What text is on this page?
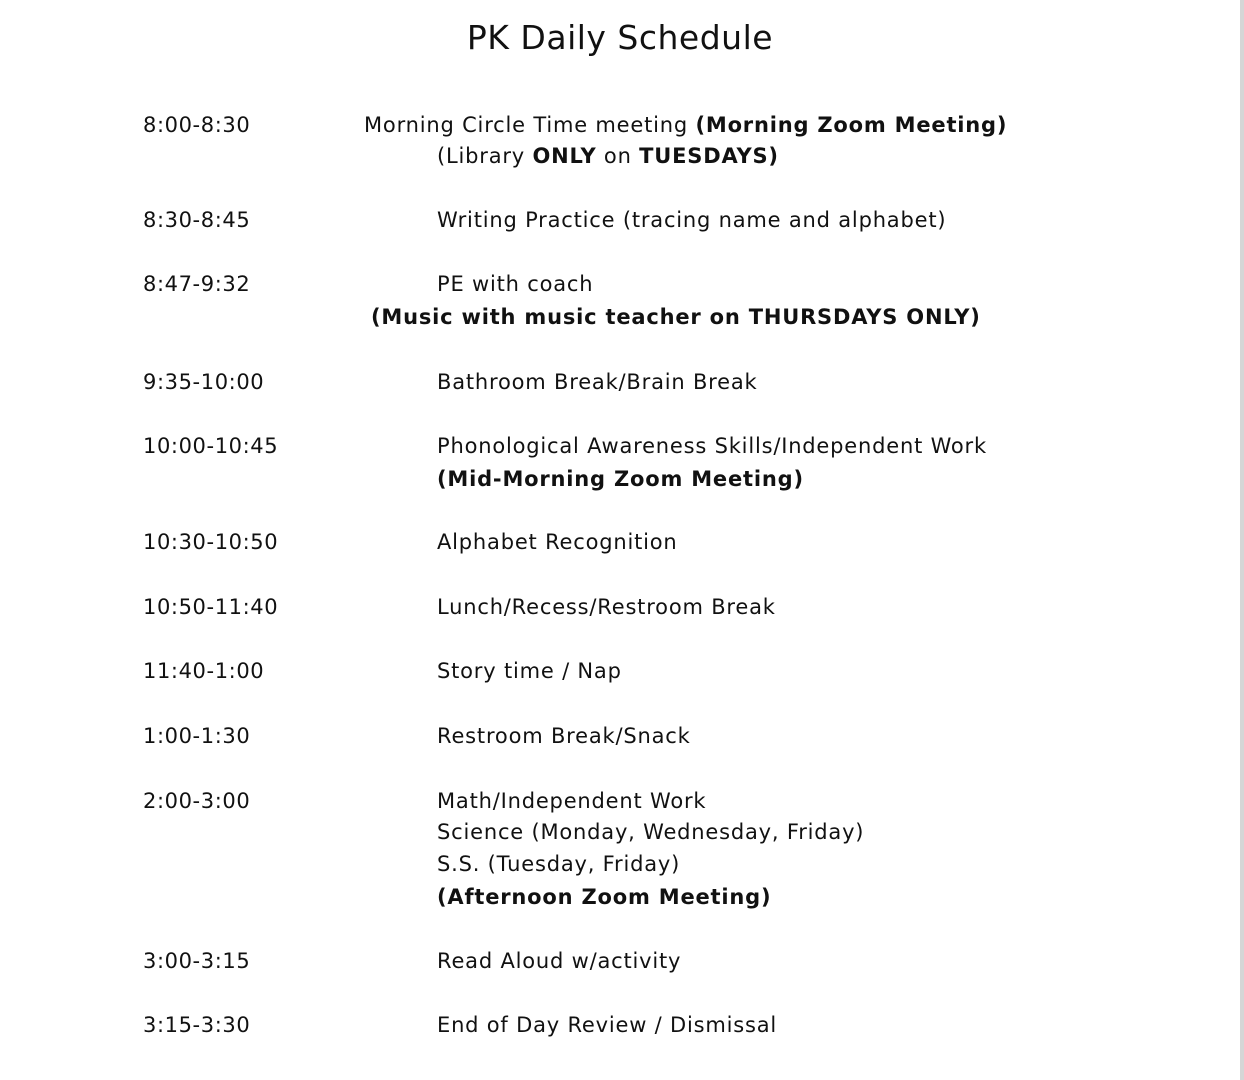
PK Daily Schedule
8:00-8:30	Morning Circle Time meeting (Morning Zoom Meeting)
(Library ONLY on TUESDAYS)
8:30-8:45	Writing Practice (tracing name and alphabet)
8:47-9:32	PE with coach
(Music with music teacher on THURSDAYS ONLY)
9:35-10:00	Bathroom Break/Brain Break
10:00-10:45	Phonological Awareness Skills/Independent Work
(Mid-Morning Zoom Meeting)
10:30-10:50	Alphabet Recognition
10:50-11:40	Lunch/Recess/Restroom Break
11:40-1:00	Story time / Nap
1:00-1:30	Restroom Break/Snack
2:00-3:00	Math/Independent Work
Science (Monday, Wednesday, Friday)
S.S. (Tuesday, Friday)
(Afternoon Zoom Meeting)
3:00-3:15	Read Aloud w/activity
3:15-3:30	End of Day Review / Dismissal
